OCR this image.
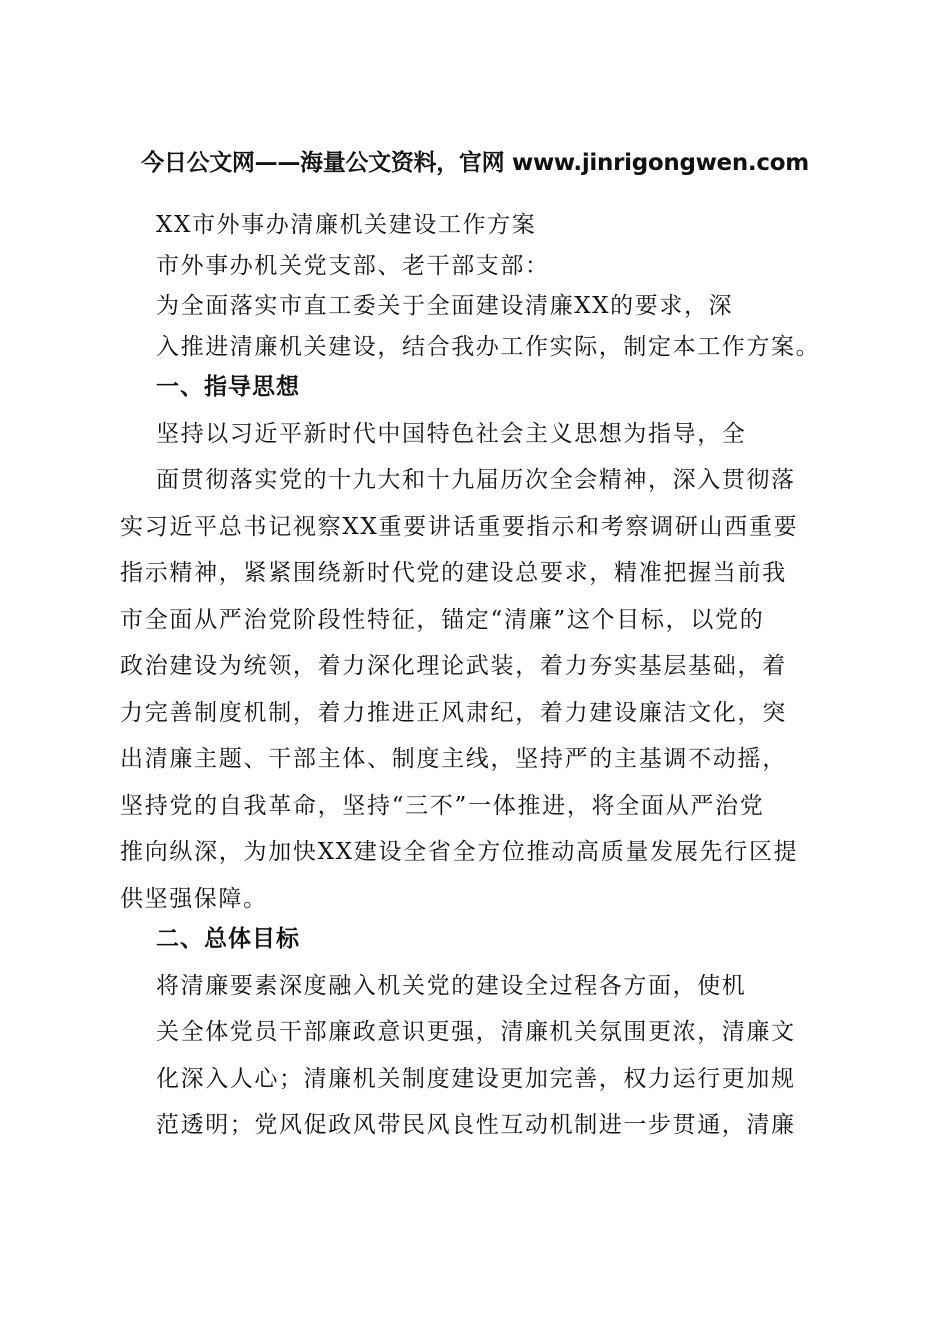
今日公文网——海量公文资料，官网 www.jinrigongwen.com
XX市外事办清廉机关建设工作方案
市外事办机关党支部、老干部支部：
为全面落实市直工委关于全面建设清廉XX的要求，深
入推进清廉机关建设，结合我办工作实际，制定本工作方案。
一、指导思想
坚持以习近平新时代中国特色社会主义思想为指导，全
面贯彻落实党的十九大和十九届历次全会精神，深入贯彻落
实习近平总书记视察XX重要讲话重要指示和考察调研山西重要
指示精神，紧紧围绕新时代党的建设总要求，精准把握当前我
市全面从严治党阶段性特征，锚定“清廉”这个目标，以党的
政治建设为统领，着力深化理论武装，着力夯实基层基础，着
力完善制度机制，着力推进正风肃纪，着力建设廉洁文化，突
出清廉主题、干部主体、制度主线，坚持严的主基调不动摇，
坚持党的自我革命，坚持“三不”一体推进，将全面从严治党
推向纵深，为加快XX建设全省全方位推动高质量发展先行区提
供坚强保障。
二、总体目标
将清廉要素深度融入机关党的建设全过程各方面，使机
关全体党员干部廉政意识更强，清廉机关氛围更浓，清廉文
化深入人心；清廉机关制度建设更加完善，权力运行更加规
范透明；党风促政风带民风良性互动机制进一步贯通，清廉
